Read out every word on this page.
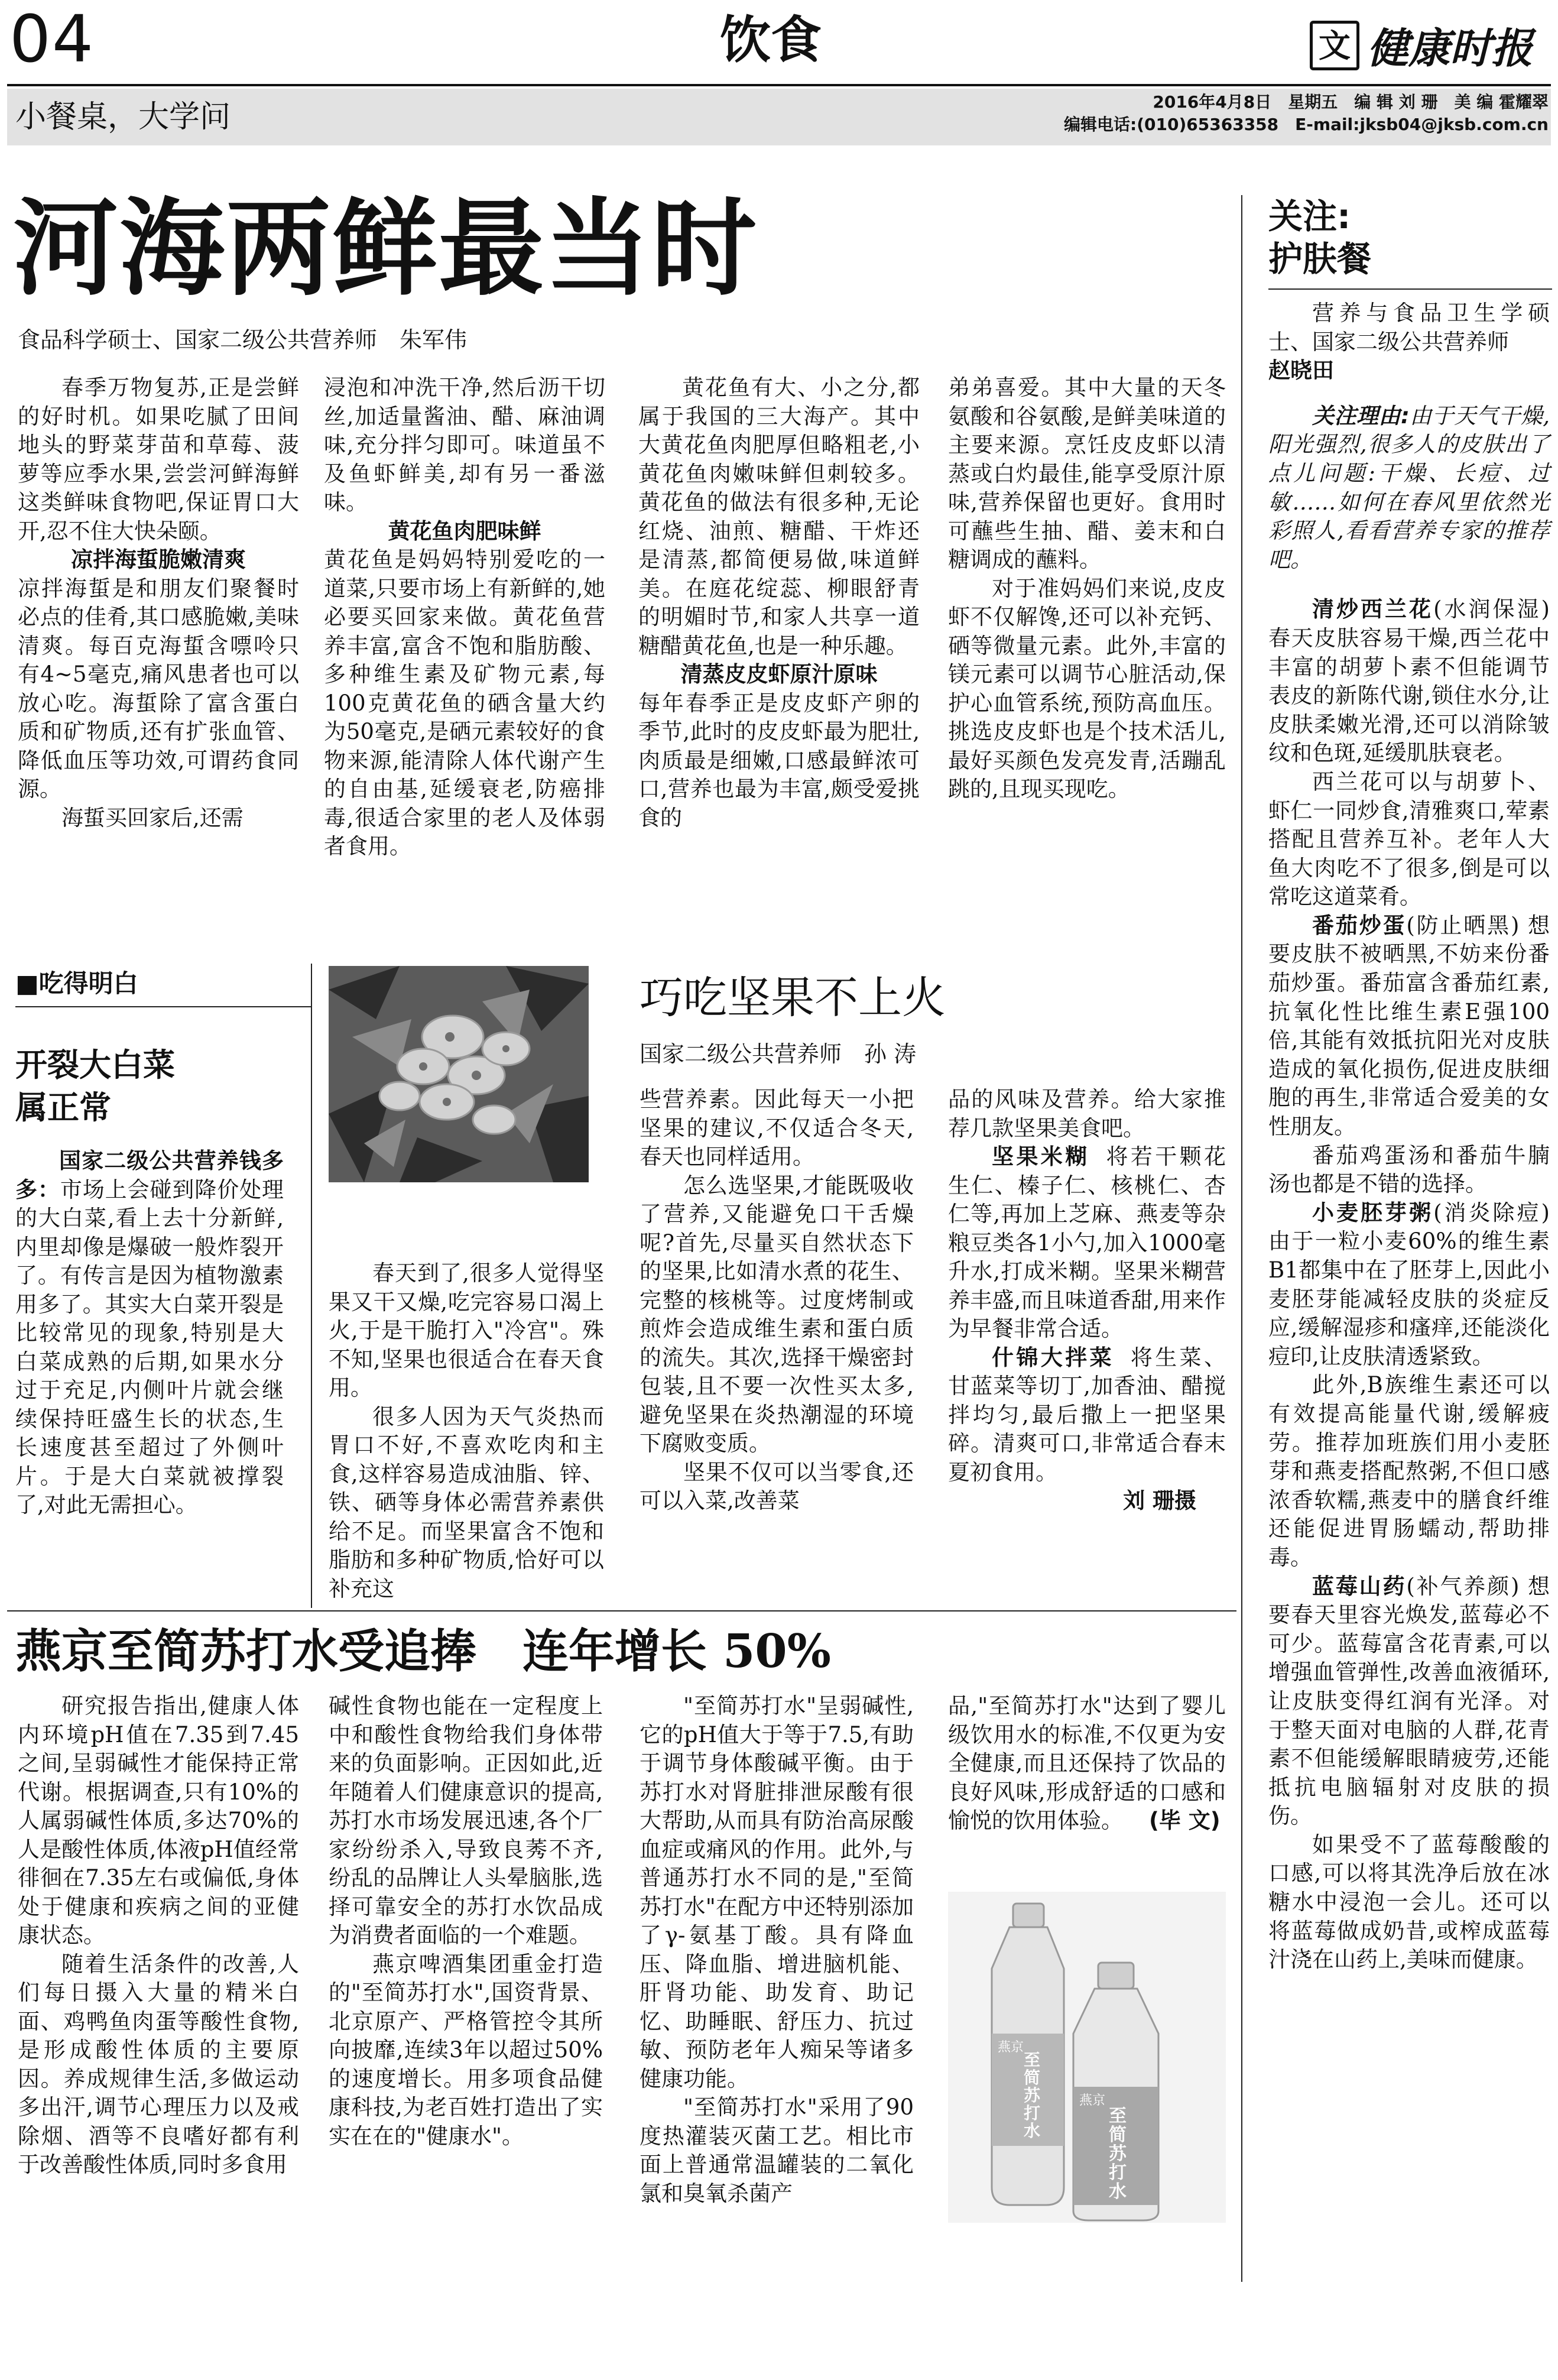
04	饮食	文 健康时报
小餐桌，大学问	2016年4月8日　星期五　编 辑 刘 珊　美 编 霍耀翠
编辑电话:(010)65363358　E-mail:jksb04@jksb.com.cn
河海两鲜最当时
食品科学硕士、国家二级公共营养师　朱军伟

春季万物复苏,正是尝鲜的好时机。如果吃腻了田间地头的野菜芽苗和草莓、菠萝等应季水果,尝尝河鲜海鲜这类鲜味食物吧,保证胃口大开,忍不住大快朵颐。

凉拌海蜇脆嫩清爽

凉拌海蜇是和朋友们聚餐时必点的佳肴,其口感脆嫩,美味清爽。每百克海蜇含嘌呤只有4~5毫克,痛风患者也可以放心吃。海蜇除了富含蛋白质和矿物质,还有扩张血管、降低血压等功效,可谓药食同源。

海蜇买回家后,还需

浸泡和冲洗干净,然后沥干切丝,加适量酱油、醋、麻油调味,充分拌匀即可。味道虽不及鱼虾鲜美,却有另一番滋味。

黄花鱼肉肥味鲜

黄花鱼是妈妈特别爱吃的一道菜,只要市场上有新鲜的,她必要买回家来做。黄花鱼营养丰富,富含不饱和脂肪酸、多种维生素及矿物元素,每100克黄花鱼的硒含量大约为50毫克,是硒元素较好的食物来源,能清除人体代谢产生的自由基,延缓衰老,防癌排毒,很适合家里的老人及体弱者食用。

黄花鱼有大、小之分,都属于我国的三大海产。其中大黄花鱼肉肥厚但略粗老,小黄花鱼肉嫩味鲜但刺较多。黄花鱼的做法有很多种,无论红烧、油煎、糖醋、干炸还是清蒸,都简便易做,味道鲜美。在庭花绽蕊、柳眼舒青的明媚时节,和家人共享一道糖醋黄花鱼,也是一种乐趣。

清蒸皮皮虾原汁原味

每年春季正是皮皮虾产卵的季节,此时的皮皮虾最为肥壮,肉质最是细嫩,口感最鲜浓可口,营养也最为丰富,颇受爱挑食的

弟弟喜爱。其中大量的天冬氨酸和谷氨酸,是鲜美味道的主要来源。烹饪皮皮虾以清蒸或白灼最佳,能享受原汁原味,营养保留也更好。食用时可蘸些生抽、醋、姜末和白糖调成的蘸料。

对于准妈妈们来说,皮皮虾不仅解馋,还可以补充钙、硒等微量元素。此外,丰富的镁元素可以调节心脏活动,保护心血管系统,预防高血压。挑选皮皮虾也是个技术活儿,最好买颜色发亮发青,活蹦乱跳的,且现买现吃。

■吃得明白
开裂大白菜
属正常

国家二级公共营养钱多多：市场上会碰到降价处理的大白菜,看上去十分新鲜,内里却像是爆破一般炸裂开了。有传言是因为植物激素用多了。其实大白菜开裂是比较常见的现象,特别是大白菜成熟的后期,如果水分过于充足,内侧叶片就会继续保持旺盛生长的状态,生长速度甚至超过了外侧叶片。于是大白菜就被撑裂了,对此无需担心。

巧吃坚果不上火
国家二级公共营养师　孙 涛

春天到了,很多人觉得坚果又干又燥,吃完容易口渴上火,于是干脆打入"冷宫"。殊不知,坚果也很适合在春天食用。

很多人因为天气炎热而胃口不好,不喜欢吃肉和主食,这样容易造成油脂、锌、铁、硒等身体必需营养素供给不足。而坚果富含不饱和脂肪和多种矿物质,恰好可以补充这

些营养素。因此每天一小把坚果的建议,不仅适合冬天,春天也同样适用。

怎么选坚果,才能既吸收了营养,又能避免口干舌燥呢?首先,尽量买自然状态下的坚果,比如清水煮的花生、完整的核桃等。过度烤制或煎炸会造成维生素和蛋白质的流失。其次,选择干燥密封包装,且不要一次性买太多,避免坚果在炎热潮湿的环境下腐败变质。

坚果不仅可以当零食,还可以入菜,改善菜

品的风味及营养。给大家推荐几款坚果美食吧。

坚果米糊 将若干颗花生仁、榛子仁、核桃仁、杏仁等,再加上芝麻、燕麦等杂粮豆类各1小勺,加入1000毫升水,打成米糊。坚果米糊营养丰盛,而且味道香甜,用来作为早餐非常合适。

什锦大拌菜 将生菜、甘蓝菜等切丁,加香油、醋搅拌均匀,最后撒上一把坚果碎。清爽可口,非常适合春末夏初食用。

刘 珊摄

燕京至简苏打水受追捧　连年增长 50%

研究报告指出,健康人体内环境pH值在7.35到7.45之间,呈弱碱性才能保持正常代谢。根据调查,只有10%的人属弱碱性体质,多达70%的人是酸性体质,体液pH值经常徘徊在7.35左右或偏低,身体处于健康和疾病之间的亚健康状态。

随着生活条件的改善,人们每日摄入大量的精米白面、鸡鸭鱼肉蛋等酸性食物,是形成酸性体质的主要原因。养成规律生活,多做运动多出汗,调节心理压力以及戒除烟、酒等不良嗜好都有利于改善酸性体质,同时多食用

碱性食物也能在一定程度上中和酸性食物给我们身体带来的负面影响。正因如此,近年随着人们健康意识的提高,苏打水市场发展迅速,各个厂家纷纷杀入,导致良莠不齐,纷乱的品牌让人头晕脑胀,选择可靠安全的苏打水饮品成为消费者面临的一个难题。

燕京啤酒集团重金打造的"至简苏打水",国资背景、北京原产、严格管控令其所向披靡,连续3年以超过50%的速度增长。用多项食品健康科技,为老百姓打造出了实实在在的"健康水"。

"至简苏打水"呈弱碱性,它的pH值大于等于7.5,有助于调节身体酸碱平衡。由于苏打水对肾脏排泄尿酸有很大帮助,从而具有防治高尿酸血症或痛风的作用。此外,与普通苏打水不同的是,"至简苏打水"在配方中还特别添加了γ-氨基丁酸。具有降血压、降血脂、增进脑机能、肝肾功能、助发育、助记忆、助睡眠、舒压力、抗过敏、预防老年人痴呆等诸多健康功能。

"至简苏打水"采用了90度热灌装灭菌工艺。相比市面上普通常温罐装的二氧化氯和臭氧杀菌产

品,"至简苏打水"达到了婴儿级饮用水的标准,不仅更为安全健康,而且还保持了饮品的良好风味,形成舒适的口感和愉悦的饮用体验。 (毕 文)

燕京
至简苏打水
燕京
至简苏打水
关注:
护肤餐

营养与食品卫生学硕士、国家二级公共营养师

赵晓田

关注理由:由于天气干燥,阳光强烈,很多人的皮肤出了点儿问题:干燥、长痘、过敏……如何在春风里依然光彩照人,看看营养专家的推荐吧。

清炒西兰花(水润保湿) 春天皮肤容易干燥,西兰花中丰富的胡萝卜素不但能调节表皮的新陈代谢,锁住水分,让皮肤柔嫩光滑,还可以消除皱纹和色斑,延缓肌肤衰老。

西兰花可以与胡萝卜、虾仁一同炒食,清雅爽口,荤素搭配且营养互补。老年人大鱼大肉吃不了很多,倒是可以常吃这道菜肴。

番茄炒蛋(防止晒黑) 想要皮肤不被晒黑,不妨来份番茄炒蛋。番茄富含番茄红素,抗氧化性比维生素E强100倍,其能有效抵抗阳光对皮肤造成的氧化损伤,促进皮肤细胞的再生,非常适合爱美的女性朋友。

番茄鸡蛋汤和番茄牛腩汤也都是不错的选择。

小麦胚芽粥(消炎除痘) 由于一粒小麦60%的维生素B1都集中在了胚芽上,因此小麦胚芽能减轻皮肤的炎症反应,缓解湿疹和瘙痒,还能淡化痘印,让皮肤清透紧致。

此外,B族维生素还可以有效提高能量代谢,缓解疲劳。推荐加班族们用小麦胚芽和燕麦搭配熬粥,不但口感浓香软糯,燕麦中的膳食纤维还能促进胃肠蠕动,帮助排毒。

蓝莓山药(补气养颜) 想要春天里容光焕发,蓝莓必不可少。蓝莓富含花青素,可以增强血管弹性,改善血液循环,让皮肤变得红润有光泽。对于整天面对电脑的人群,花青素不但能缓解眼睛疲劳,还能抵抗电脑辐射对皮肤的损伤。

如果受不了蓝莓酸酸的口感,可以将其洗净后放在冰糖水中浸泡一会儿。还可以将蓝莓做成奶昔,或榨成蓝莓汁浇在山药上,美味而健康。
